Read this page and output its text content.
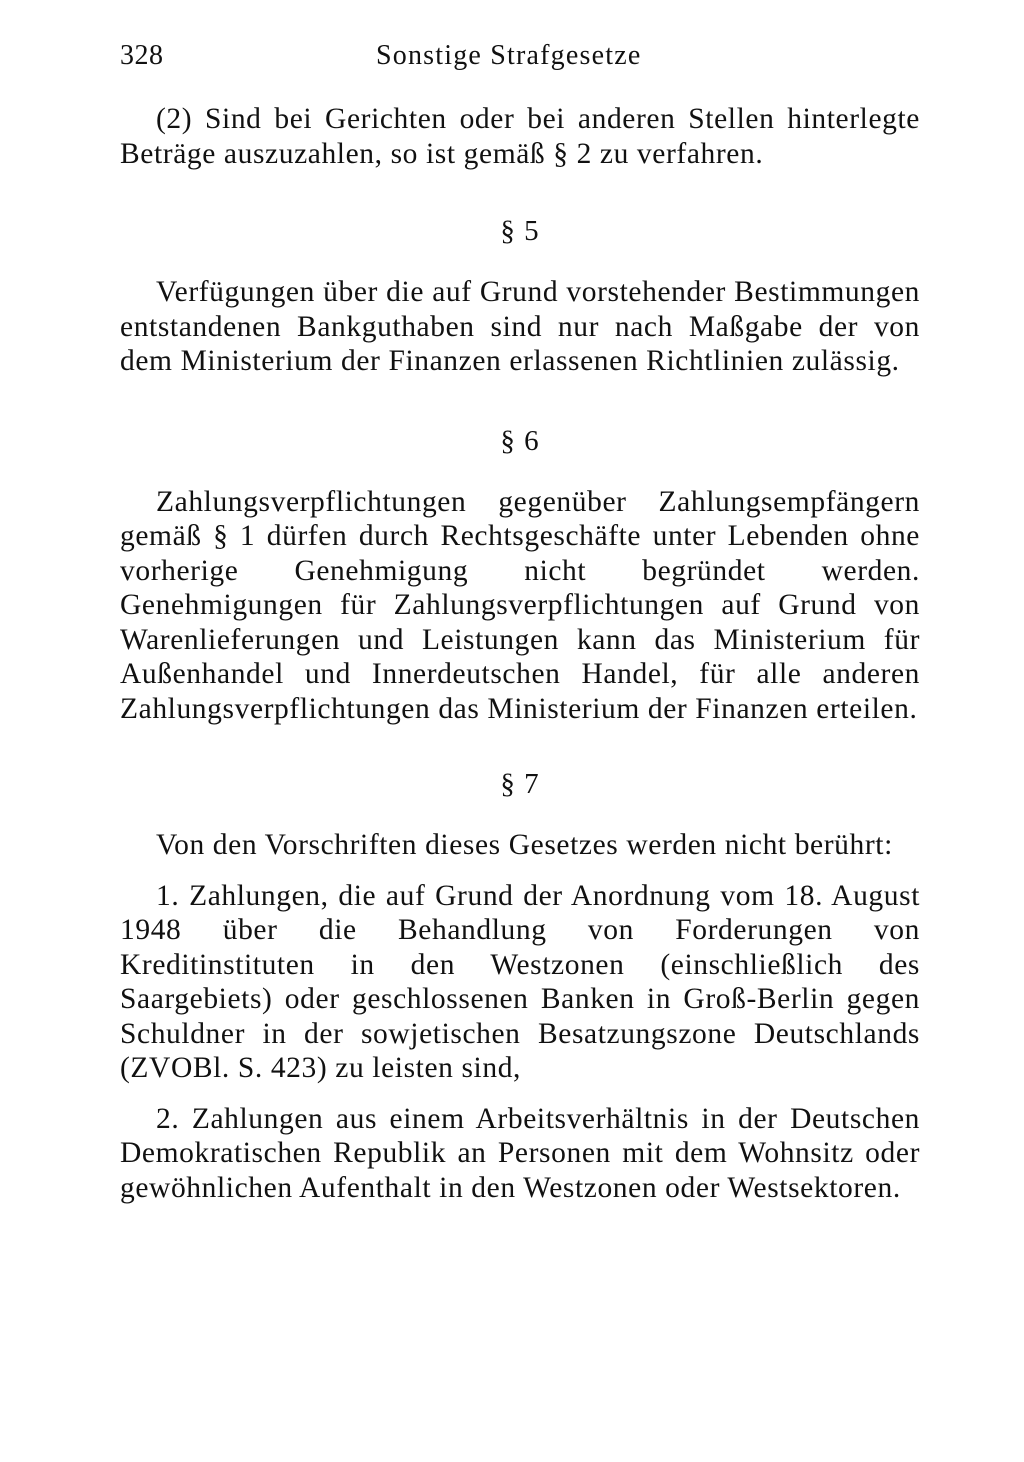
328	Sonstige Strafgesetze

(2) Sind bei Gerichten oder bei anderen Stellen hinterlegte Beträge auszuzahlen, so ist gemäß § 2 zu verfahren.

§ 5

Verfügungen über die auf Grund vorstehender Bestimmungen entstandenen Bankguthaben sind nur nach Maßgabe der von dem Ministerium der Finanzen erlassenen Richtlinien zulässig.

§ 6

Zahlungsverpflichtungen gegenüber Zahlungsempfängern gemäß § 1 dürfen durch Rechtsgeschäfte unter Lebenden ohne vorherige Genehmigung nicht begründet werden. Genehmigungen für Zahlungsverpflichtungen auf Grund von Warenlieferungen und Leistungen kann das Ministerium für Außenhandel und Innerdeutschen Handel, für alle anderen Zahlungsverpflichtungen das Ministerium der Finanzen erteilen.

§ 7

Von den Vorschriften dieses Gesetzes werden nicht berührt:

1. Zahlungen, die auf Grund der Anordnung vom 18. August 1948 über die Behandlung von Forderungen von Kreditinstituten in den Westzonen (einschließlich des Saargebiets) oder geschlossenen Banken in Groß-Berlin gegen Schuldner in der sowjetischen Besatzungszone Deutschlands (ZVOBl. S. 423) zu leisten sind,

2. Zahlungen aus einem Arbeitsverhältnis in der Deutschen Demokratischen Republik an Personen mit dem Wohnsitz oder gewöhnlichen Aufenthalt in den Westzonen oder Westsektoren.
